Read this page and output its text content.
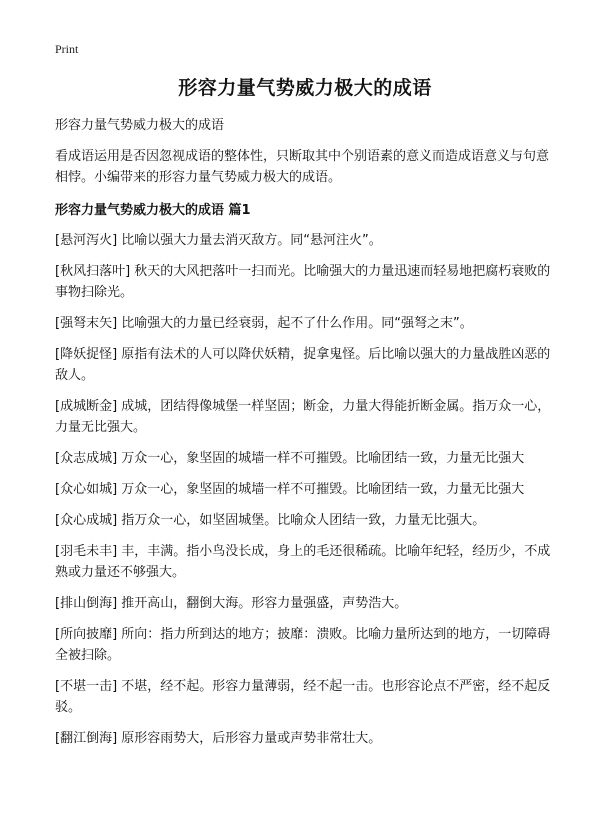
Print
形容力量气势威力极大的成语

形容力量气势威力极大的成语

看成语运用是否因忽视成语的整体性，只断取其中个别语素的意义而造成语意义与句意相悖。小编带来的形容力量气势威力极大的成语。

形容力量气势威力极大的成语 篇1

[悬河泻火] 比喻以强大力量去消灭敌方。同“悬河注火”。

[秋风扫落叶] 秋天的大风把落叶一扫而光。比喻强大的力量迅速而轻易地把腐朽衰败的事物扫除光。

[强弩末矢] 比喻强大的力量已经衰弱，起不了什么作用。同“强弩之末”。

[降妖捉怪] 原指有法术的人可以降伏妖精，捉拿鬼怪。后比喻以强大的力量战胜凶恶的敌人。

[成城断金] 成城，团结得像城堡一样坚固；断金，力量大得能折断金属。指万众一心，力量无比强大。

[众志成城] 万众一心，象坚固的城墙一样不可摧毁。比喻团结一致，力量无比强大

[众心如城] 万众一心，象坚固的城墙一样不可摧毁。比喻团结一致，力量无比强大

[众心成城] 指万众一心，如坚固城堡。比喻众人团结一致，力量无比强大。

[羽毛未丰] 丰，丰满。指小鸟没长成，身上的毛还很稀疏。比喻年纪轻，经历少，不成熟或力量还不够强大。

[排山倒海] 推开高山，翻倒大海。形容力量强盛，声势浩大。

[所向披靡] 所向：指力所到达的地方；披靡：溃败。比喻力量所达到的地方，一切障碍全被扫除。

[不堪一击] 不堪，经不起。形容力量薄弱，经不起一击。也形容论点不严密，经不起反驳。

[翻江倒海] 原形容雨势大，后形容力量或声势非常壮大。
